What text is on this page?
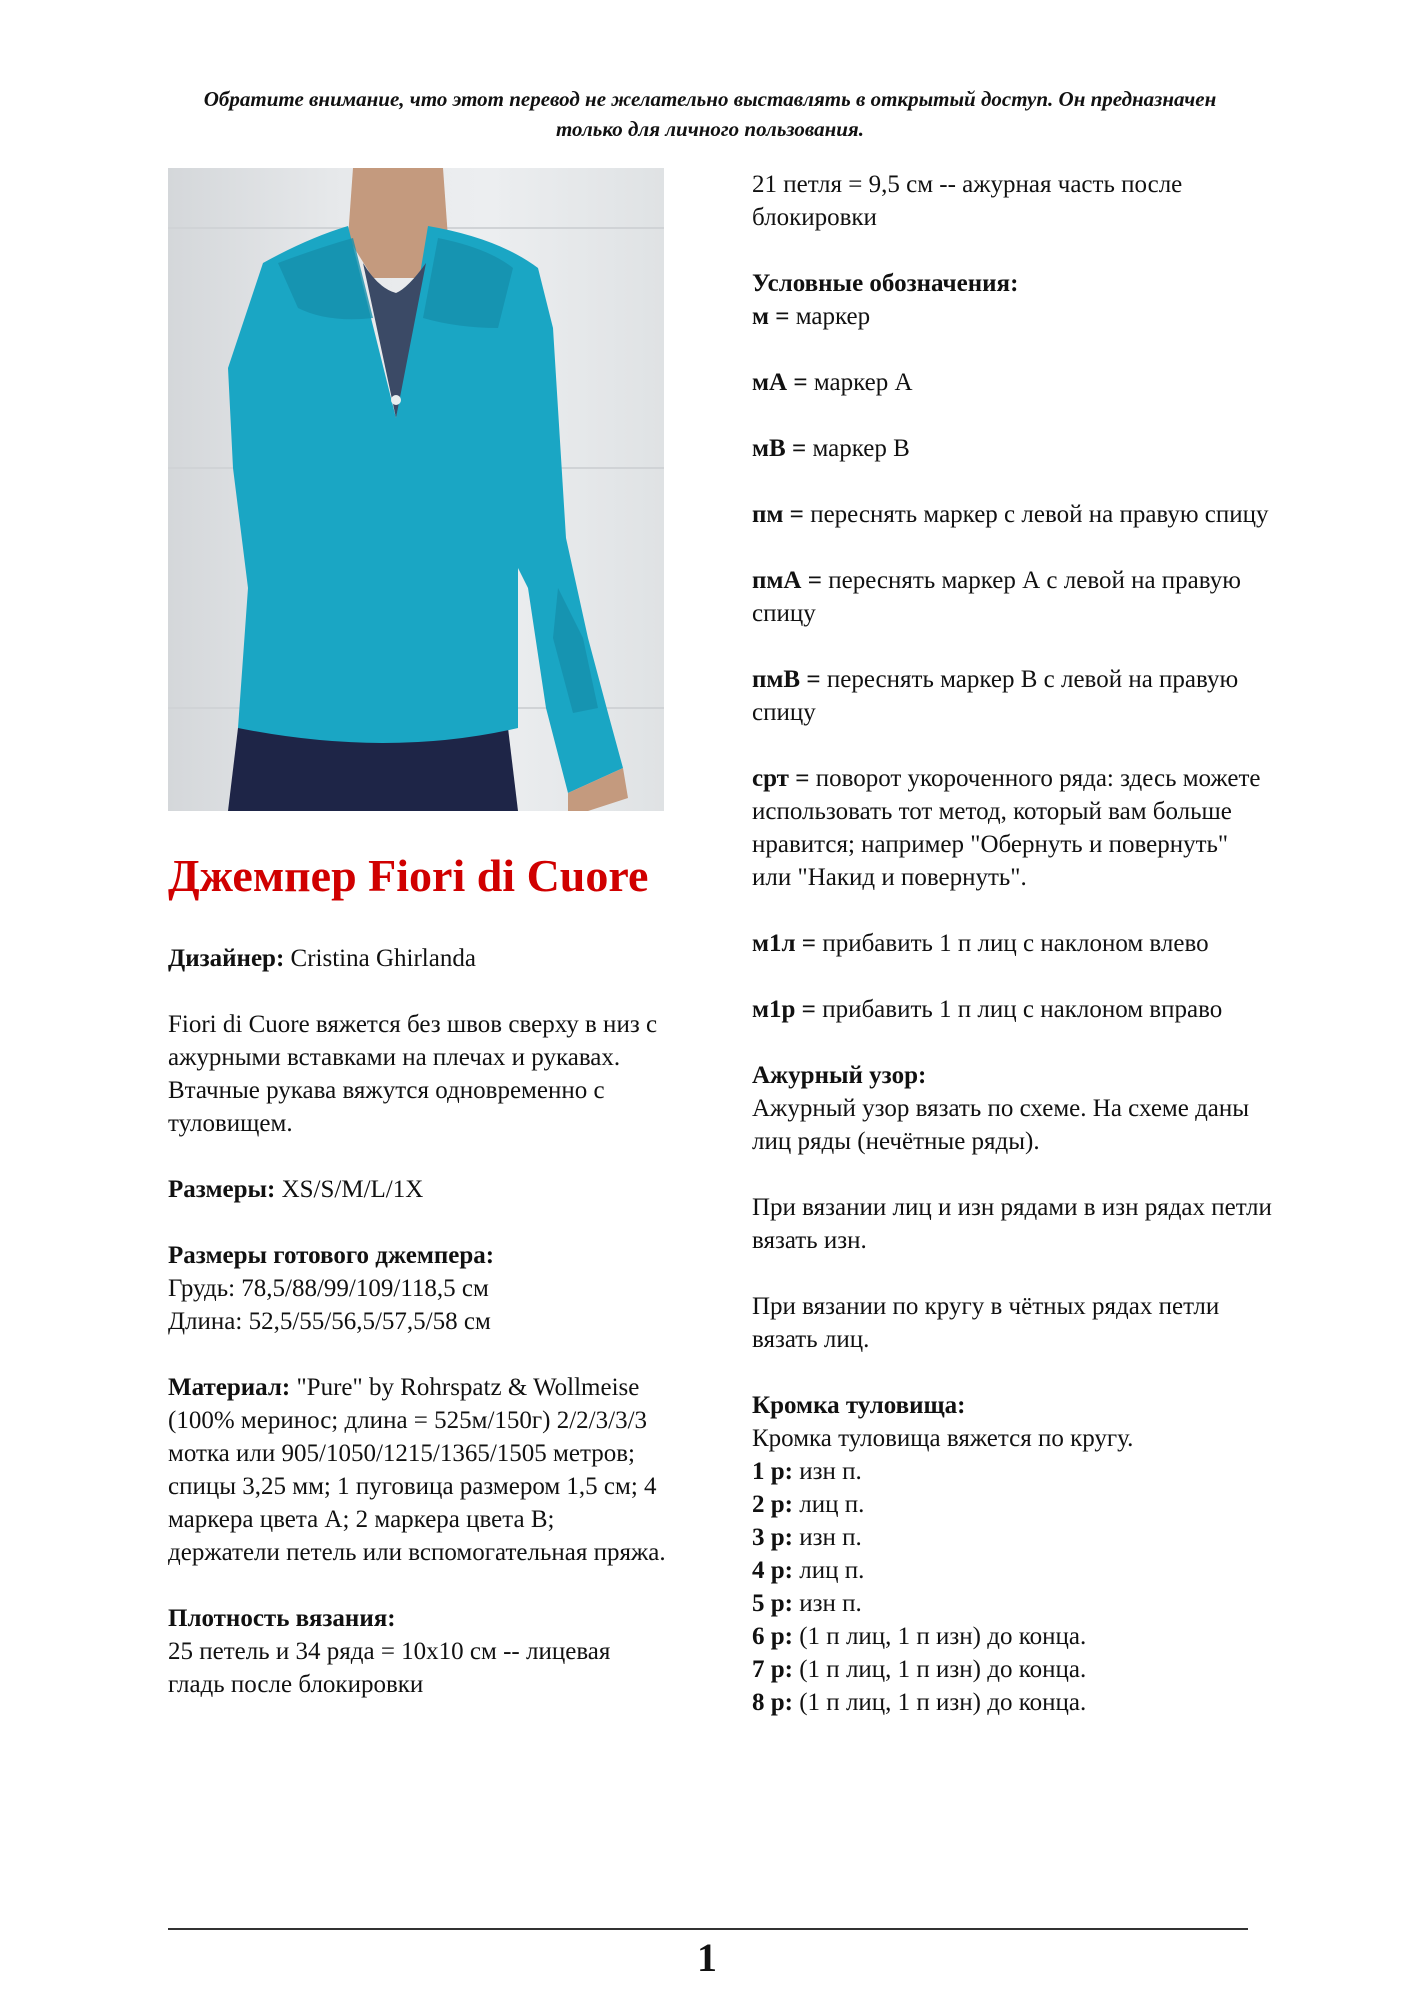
Обратите внимание, что этот перевод не желательно выставлять в открытый доступ. Он предназначен только для личного пользования.
Джемпер Fiori di Cuore
Дизайнер: Cristina Ghirlanda
Fiori di Cuore вяжется без швов сверху в низ с ажурными вставками на плечах и рукавах. Втачные рукава вяжутся одновременно с туловищем.
Размеры: XS/S/M/L/1X

Размеры готового джемпера:

Грудь: 78,5/88/99/109/118,5 см

Длина: 52,5/55/56,5/57,5/58 см

Материал: "Pure" by Rohrspatz & Wollmeise (100% меринос; длина = 525м/150г) 2/2/3/3/3 мотка или 905/1050/1215/1365/1505 метров; спицы 3,25 мм; 1 пуговица размером 1,5 см; 4 маркера цвета А; 2 маркера цвета В; держатели петель или вспомогательная пряжа.

Плотность вязания:

25 петель и 34 ряда = 10х10 см -- лицевая гладь после блокировки

21 петля = 9,5 см -- ажурная часть после блокировки

Условные обозначения:

м = маркер

мА = маркер А
мВ = маркер В
пм = переснять маркер с левой на правую спицу
пмА = переснять маркер А с левой на правую спицу
пмВ = переснять маркер В с левой на правую спицу
срт = поворот укороченного ряда: здесь можете использовать тот метод, который вам больше нравится; например "Обернуть и повернуть" или "Накид и повернуть".
м1л = прибавить 1 п лиц с наклоном влево
м1р = прибавить 1 п лиц с наклоном вправо

Ажурный узор:

Ажурный узор вязать по схеме. На схеме даны лиц ряды (нечётные ряды).

При вязании лиц и изн рядами в изн рядах петли вязать изн.
При вязании по кругу в чётных рядах петли вязать лиц.

Кромка туловища:

Кромка туловища вяжется по кругу.

1 р: изн п.

2 р: лиц п.

3 р: изн п.

4 р: лиц п.

5 р: изн п.

6 р: (1 п лиц, 1 п изн) до конца.

7 р: (1 п лиц, 1 п изн) до конца.

8 р: (1 п лиц, 1 п изн) до конца.

1
